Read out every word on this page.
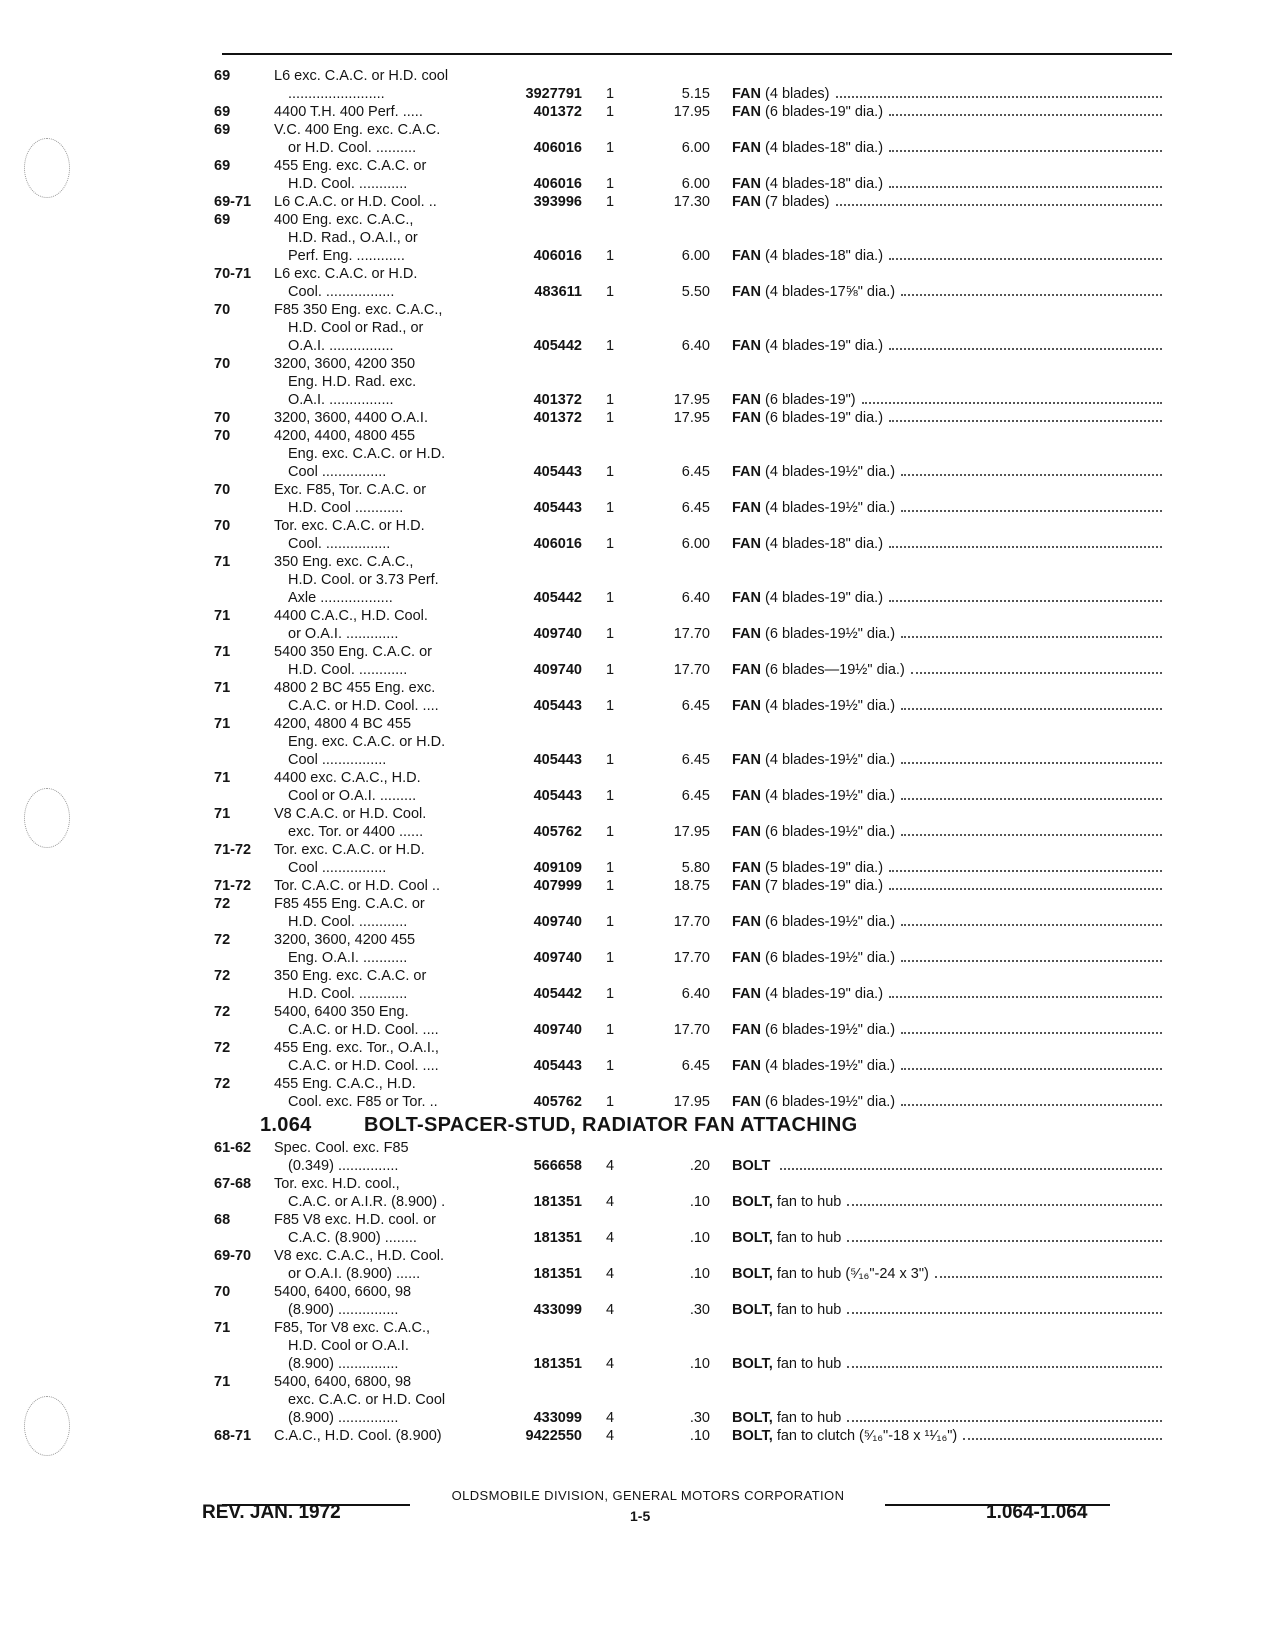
69	L6 exc. C.A.C. or H.D. cool
........................	3927791	1	5.15	FAN (4 blades)
69	4400 T.H. 400 Perf. .....	401372	1	17.95	FAN (6 blades-19" dia.)
69	V.C. 400 Eng. exc. C.A.C.
or H.D. Cool. ..........	406016	1	6.00	FAN (4 blades-18" dia.)
69	455 Eng. exc. C.A.C. or
H.D. Cool. ............	406016	1	6.00	FAN (4 blades-18" dia.)
69-71	L6 C.A.C. or H.D. Cool. ..	393996	1	17.30	FAN (7 blades)
69	400 Eng. exc. C.A.C.,
H.D. Rad., O.A.I., or
Perf. Eng. ............	406016	1	6.00	FAN (4 blades-18" dia.)
70-71	L6 exc. C.A.C. or H.D.
Cool. .................	483611	1	5.50	FAN (4 blades-17⅝" dia.)
70	F85 350 Eng. exc. C.A.C.,
H.D. Cool or Rad., or
O.A.I. ................	405442	1	6.40	FAN (4 blades-19" dia.)
70	3200, 3600, 4200 350
Eng. H.D. Rad. exc.
O.A.I. ................	401372	1	17.95	FAN (6 blades-19")
70	3200, 3600, 4400 O.A.I.	401372	1	17.95	FAN (6 blades-19" dia.)
70	4200, 4400, 4800 455
Eng. exc. C.A.C. or H.D.
Cool ................	405443	1	6.45	FAN (4 blades-19½" dia.)
70	Exc. F85, Tor. C.A.C. or
H.D. Cool ............	405443	1	6.45	FAN (4 blades-19½" dia.)
70	Tor. exc. C.A.C. or H.D.
Cool. ................	406016	1	6.00	FAN (4 blades-18" dia.)
71	350 Eng. exc. C.A.C.,
H.D. Cool. or 3.73 Perf.
Axle ..................	405442	1	6.40	FAN (4 blades-19" dia.)
71	4400 C.A.C., H.D. Cool.
or O.A.I. .............	409740	1	17.70	FAN (6 blades-19½" dia.)
71	5400 350 Eng. C.A.C. or
H.D. Cool. ............	409740	1	17.70	FAN (6 blades—19½" dia.)
71	4800 2 BC 455 Eng. exc.
C.A.C. or H.D. Cool. ....	405443	1	6.45	FAN (4 blades-19½" dia.)
71	4200, 4800 4 BC 455
Eng. exc. C.A.C. or H.D.
Cool ................	405443	1	6.45	FAN (4 blades-19½" dia.)
71	4400 exc. C.A.C., H.D.
Cool or O.A.I. .........	405443	1	6.45	FAN (4 blades-19½" dia.)
71	V8 C.A.C. or H.D. Cool.
exc. Tor. or 4400 ......	405762	1	17.95	FAN (6 blades-19½" dia.)
71-72	Tor. exc. C.A.C. or H.D.
Cool ................	409109	1	5.80	FAN (5 blades-19" dia.)
71-72	Tor. C.A.C. or H.D. Cool ..	407999	1	18.75	FAN (7 blades-19" dia.)
72	F85 455 Eng. C.A.C. or
H.D. Cool. ............	409740	1	17.70	FAN (6 blades-19½" dia.)
72	3200, 3600, 4200 455
Eng. O.A.I. ...........	409740	1	17.70	FAN (6 blades-19½" dia.)
72	350 Eng. exc. C.A.C. or
H.D. Cool. ............	405442	1	6.40	FAN (4 blades-19" dia.)
72	5400, 6400 350 Eng.
C.A.C. or H.D. Cool. ....	409740	1	17.70	FAN (6 blades-19½" dia.)
72	455 Eng. exc. Tor., O.A.I.,
C.A.C. or H.D. Cool. ....	405443	1	6.45	FAN (4 blades-19½" dia.)
72	455 Eng. C.A.C., H.D.
Cool. exc. F85 or Tor. ..	405762	1	17.95	FAN (6 blades-19½" dia.)
1.064	BOLT-SPACER-STUD, RADIATOR FAN ATTACHING
61-62	Spec. Cool. exc. F85
(0.349) ...............	566658	4	.20	BOLT
67-68	Tor. exc. H.D. cool.,
C.A.C. or A.I.R. (8.900) .	181351	4	.10	BOLT, fan to hub
68	F85 V8 exc. H.D. cool. or
C.A.C. (8.900) ........	181351	4	.10	BOLT, fan to hub
69-70	V8 exc. C.A.C., H.D. Cool.
or O.A.I. (8.900) ......	181351	4	.10	BOLT, fan to hub (⁵⁄₁₆"-24 x 3")
70	5400, 6400, 6600, 98
(8.900) ...............	433099	4	.30	BOLT, fan to hub
71	F85, Tor V8 exc. C.A.C.,
H.D. Cool or O.A.I.
(8.900) ...............	181351	4	.10	BOLT, fan to hub
71	5400, 6400, 6800, 98
exc. C.A.C. or H.D. Cool
(8.900) ...............	433099	4	.30	BOLT, fan to hub
68-71	C.A.C., H.D. Cool. (8.900)	9422550	4	.10	BOLT, fan to clutch (⁵⁄₁₆"-18 x ¹¹⁄₁₆")
OLDSMOBILE DIVISION, GENERAL MOTORS CORPORATION
REV. JAN. 1972	1-5	1.064-1.064
